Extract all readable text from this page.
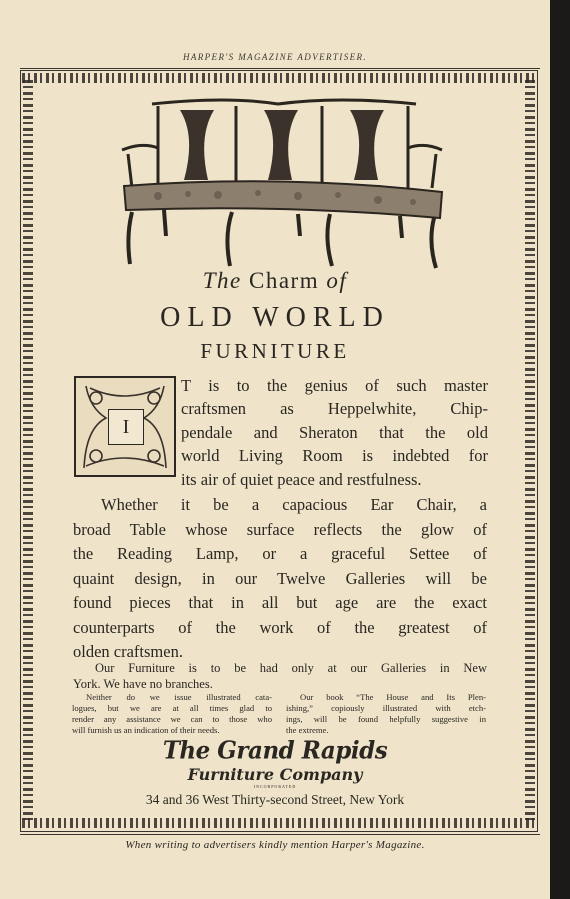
HARPER'S MAGAZINE ADVERTISER.
The Charm of
OLD WORLD
FURNITURE
I
T is to the genius of such master
craftsmen as Heppelwhite, Chip-
pendale and Sheraton that the old
world Living Room is indebted for
its air of quiet peace and restfulness.
Whether it be a capacious Ear Chair, a
broad Table whose surface reflects the glow of
the Reading Lamp, or a graceful Settee of
quaint design, in our Twelve Galleries will be
found pieces that in all but age are the exact
counterparts of the work of the greatest of
olden craftsmen.
Our Furniture is to be had only at our Galleries in New
York. We have no branches.
Neither do we issue illustrated cata-
logues, but we are at all times glad to
render any assistance we can to those who
will furnish us an indication of their needs.
Our book “The House and Its Plen-
ishing,” copiously illustrated with etch-
ings, will be found helpfully suggestive in
the extreme.
The Grand Rapids
Furniture Company
INCORPORATED
34 and 36 West Thirty-second Street, New York
When writing to advertisers kindly mention Harper's Magazine.
